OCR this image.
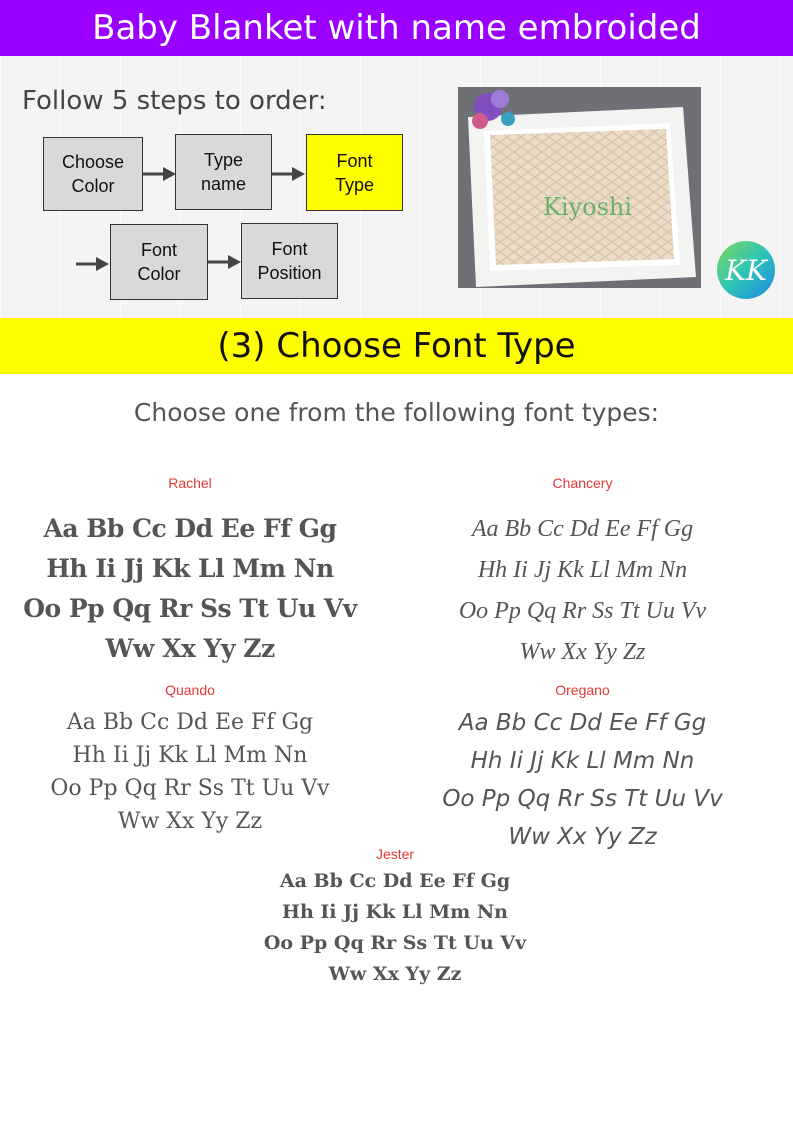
Baby Blanket with name embroided
Follow 5 steps to order:
Choose
Color
Type
name
Font
Type
Font
Color
Font
Position
Kiyoshi
KK
(3) Choose Font Type
Choose one from the following font types:
Rachel
Aa Bb Cc Dd Ee Ff Gg
Hh Ii Jj Kk Ll Mm Nn
Oo Pp Qq Rr Ss Tt Uu Vv
Ww Xx Yy Zz
Chancery
Aa Bb Cc Dd Ee Ff Gg
Hh Ii Jj Kk Ll Mm Nn
Oo Pp Qq Rr Ss Tt Uu Vv
Ww Xx Yy Zz
Quando
Aa Bb Cc Dd Ee Ff Gg
Hh Ii Jj Kk Ll Mm Nn
Oo Pp Qq Rr Ss Tt Uu Vv
Ww Xx Yy Zz
Oregano
Aa Bb Cc Dd Ee Ff Gg
Hh Ii Jj Kk Ll Mm Nn
Oo Pp Qq Rr Ss Tt Uu Vv
Ww Xx Yy Zz
Jester
Aa Bb Cc Dd Ee Ff Gg
Hh Ii Jj Kk Ll Mm Nn
Oo Pp Qq Rr Ss Tt Uu Vv
Ww Xx Yy Zz
